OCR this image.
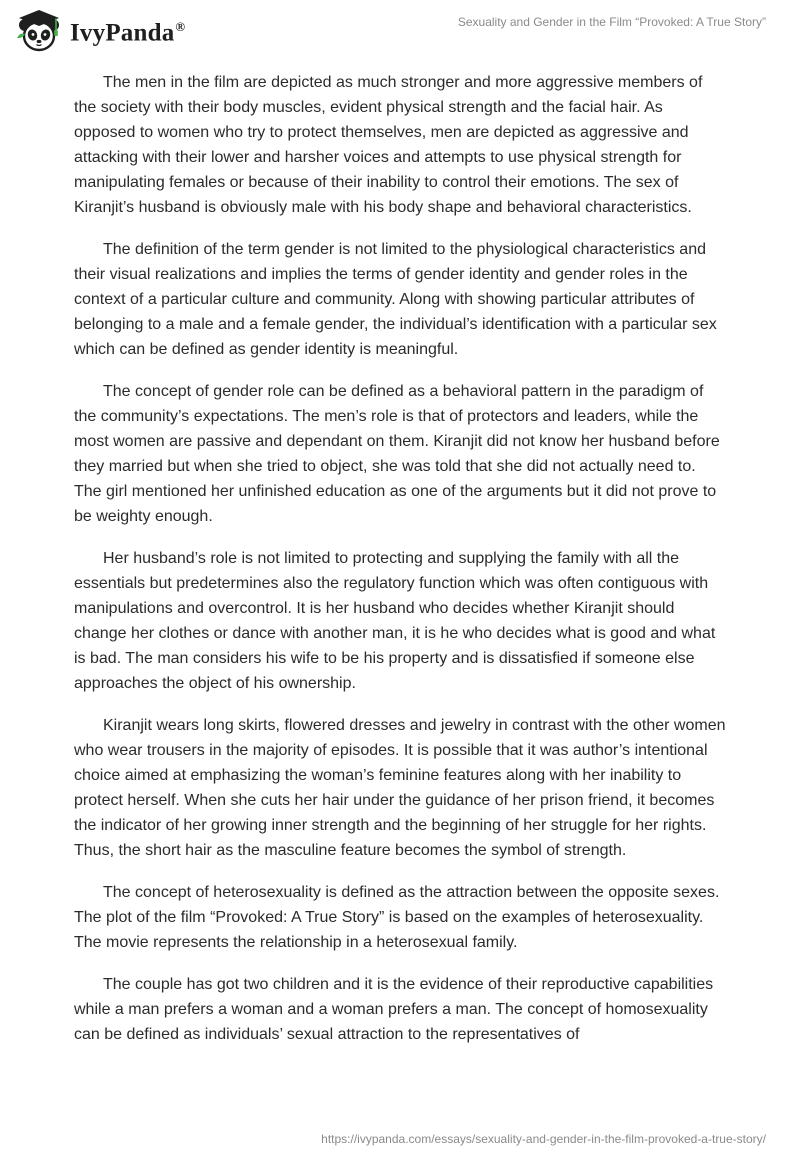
IvyPanda®	Sexuality and Gender in the Film “Provoked: A True Story”

The men in the film are depicted as much stronger and more aggressive members of the society with their body muscles, evident physical strength and the facial hair. As opposed to women who try to protect themselves, men are depicted as aggressive and attacking with their lower and harsher voices and attempts to use physical strength for manipulating females or because of their inability to control their emotions. The sex of Kiranjit’s husband is obviously male with his body shape and behavioral characteristics.

The definition of the term gender is not limited to the physiological characteristics and their visual realizations and implies the terms of gender identity and gender roles in the context of a particular culture and community. Along with showing particular attributes of belonging to a male and a female gender, the individual’s identification with a particular sex which can be defined as gender identity is meaningful.

The concept of gender role can be defined as a behavioral pattern in the paradigm of the community’s expectations. The men’s role is that of protectors and leaders, while the most women are passive and dependant on them. Kiranjit did not know her husband before they married but when she tried to object, she was told that she did not actually need to. The girl mentioned her unfinished education as one of the arguments but it did not prove to be weighty enough.

Her husband’s role is not limited to protecting and supplying the family with all the essentials but predetermines also the regulatory function which was often contiguous with manipulations and overcontrol. It is her husband who decides whether Kiranjit should change her clothes or dance with another man, it is he who decides what is good and what is bad. The man considers his wife to be his property and is dissatisfied if someone else approaches the object of his ownership.

Kiranjit wears long skirts, flowered dresses and jewelry in contrast with the other women who wear trousers in the majority of episodes. It is possible that it was author’s intentional choice aimed at emphasizing the woman’s feminine features along with her inability to protect herself. When she cuts her hair under the guidance of her prison friend, it becomes the indicator of her growing inner strength and the beginning of her struggle for her rights. Thus, the short hair as the masculine feature becomes the symbol of strength.

The concept of heterosexuality is defined as the attraction between the opposite sexes. The plot of the film “Provoked: A True Story” is based on the examples of heterosexuality. The movie represents the relationship in a heterosexual family.

The couple has got two children and it is the evidence of their reproductive capabilities while a man prefers a woman and a woman prefers a man. The concept of homosexuality can be defined as individuals’ sexual attraction to the representatives of

https://ivypanda.com/essays/sexuality-and-gender-in-the-film-provoked-a-true-story/
